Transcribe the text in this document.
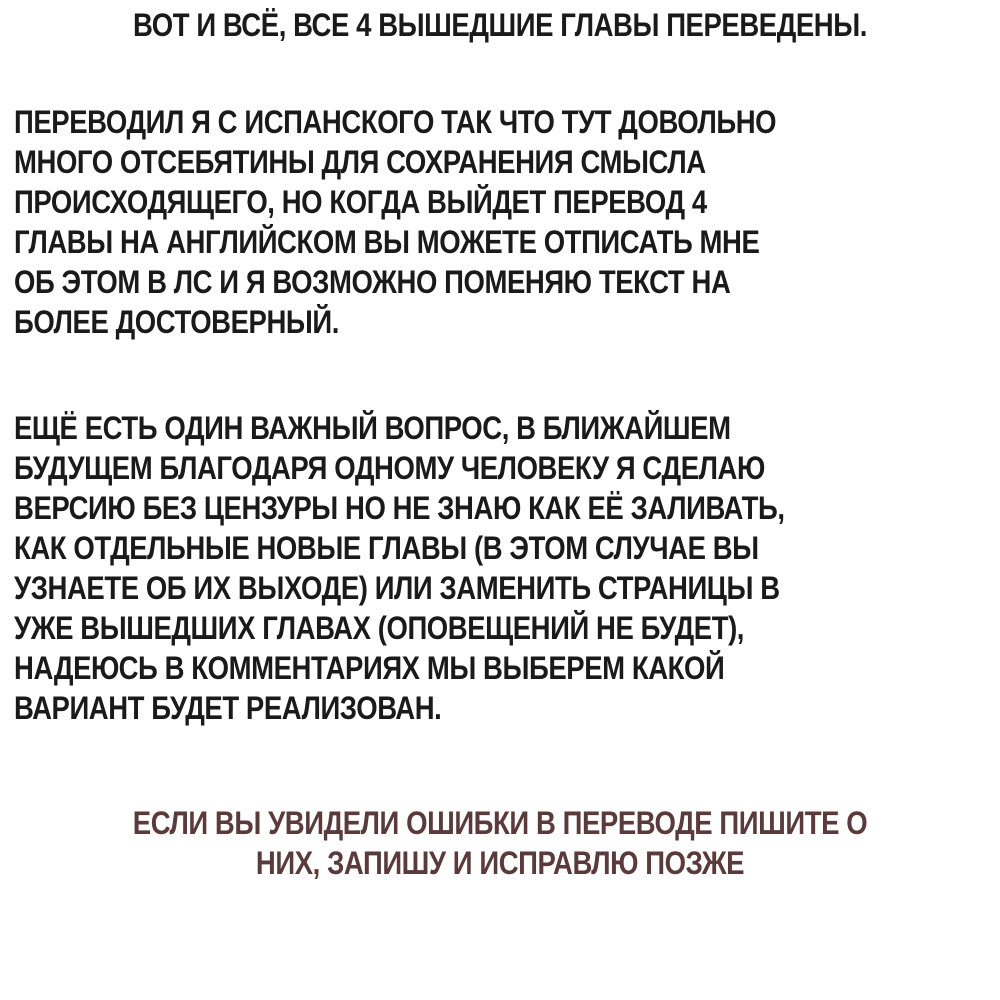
ВОТ И ВСЁ, ВСЕ 4 ВЫШЕДШИЕ ГЛАВЫ ПЕРЕВЕДЕНЫ.
ПЕРЕВОДИЛ Я С ИСПАНСКОГО ТАК ЧТО ТУТ ДОВОЛЬНО
МНОГО ОТСЕБЯТИНЫ ДЛЯ СОХРАНЕНИЯ СМЫСЛА
ПРОИСХОДЯЩЕГО, НО КОГДА ВЫЙДЕТ ПЕРЕВОД 4
ГЛАВЫ НА АНГЛИЙСКОМ ВЫ МОЖЕТЕ ОТПИСАТЬ МНЕ
ОБ ЭТОМ В ЛС И Я ВОЗМОЖНО ПОМЕНЯЮ ТЕКСТ НА
БОЛЕЕ ДОСТОВЕРНЫЙ.
ЕЩЁ ЕСТЬ ОДИН ВАЖНЫЙ ВОПРОС, В БЛИЖАЙШЕМ
БУДУЩЕМ БЛАГОДАРЯ ОДНОМУ ЧЕЛОВЕКУ Я СДЕЛАЮ
ВЕРСИЮ БЕЗ ЦЕНЗУРЫ НО НЕ ЗНАЮ КАК ЕЁ ЗАЛИВАТЬ,
КАК ОТДЕЛЬНЫЕ НОВЫЕ ГЛАВЫ (В ЭТОМ СЛУЧАЕ ВЫ
УЗНАЕТЕ ОБ ИХ ВЫХОДЕ) ИЛИ ЗАМЕНИТЬ СТРАНИЦЫ В
УЖЕ ВЫШЕДШИХ ГЛАВАХ (ОПОВЕЩЕНИЙ НЕ БУДЕТ),
НАДЕЮСЬ В КОММЕНТАРИЯХ МЫ ВЫБЕРЕМ КАКОЙ
ВАРИАНТ БУДЕТ РЕАЛИЗОВАН.
ЕСЛИ ВЫ УВИДЕЛИ ОШИБКИ В ПЕРЕВОДЕ ПИШИТЕ О
НИХ, ЗАПИШУ И ИСПРАВЛЮ ПОЗЖЕ
